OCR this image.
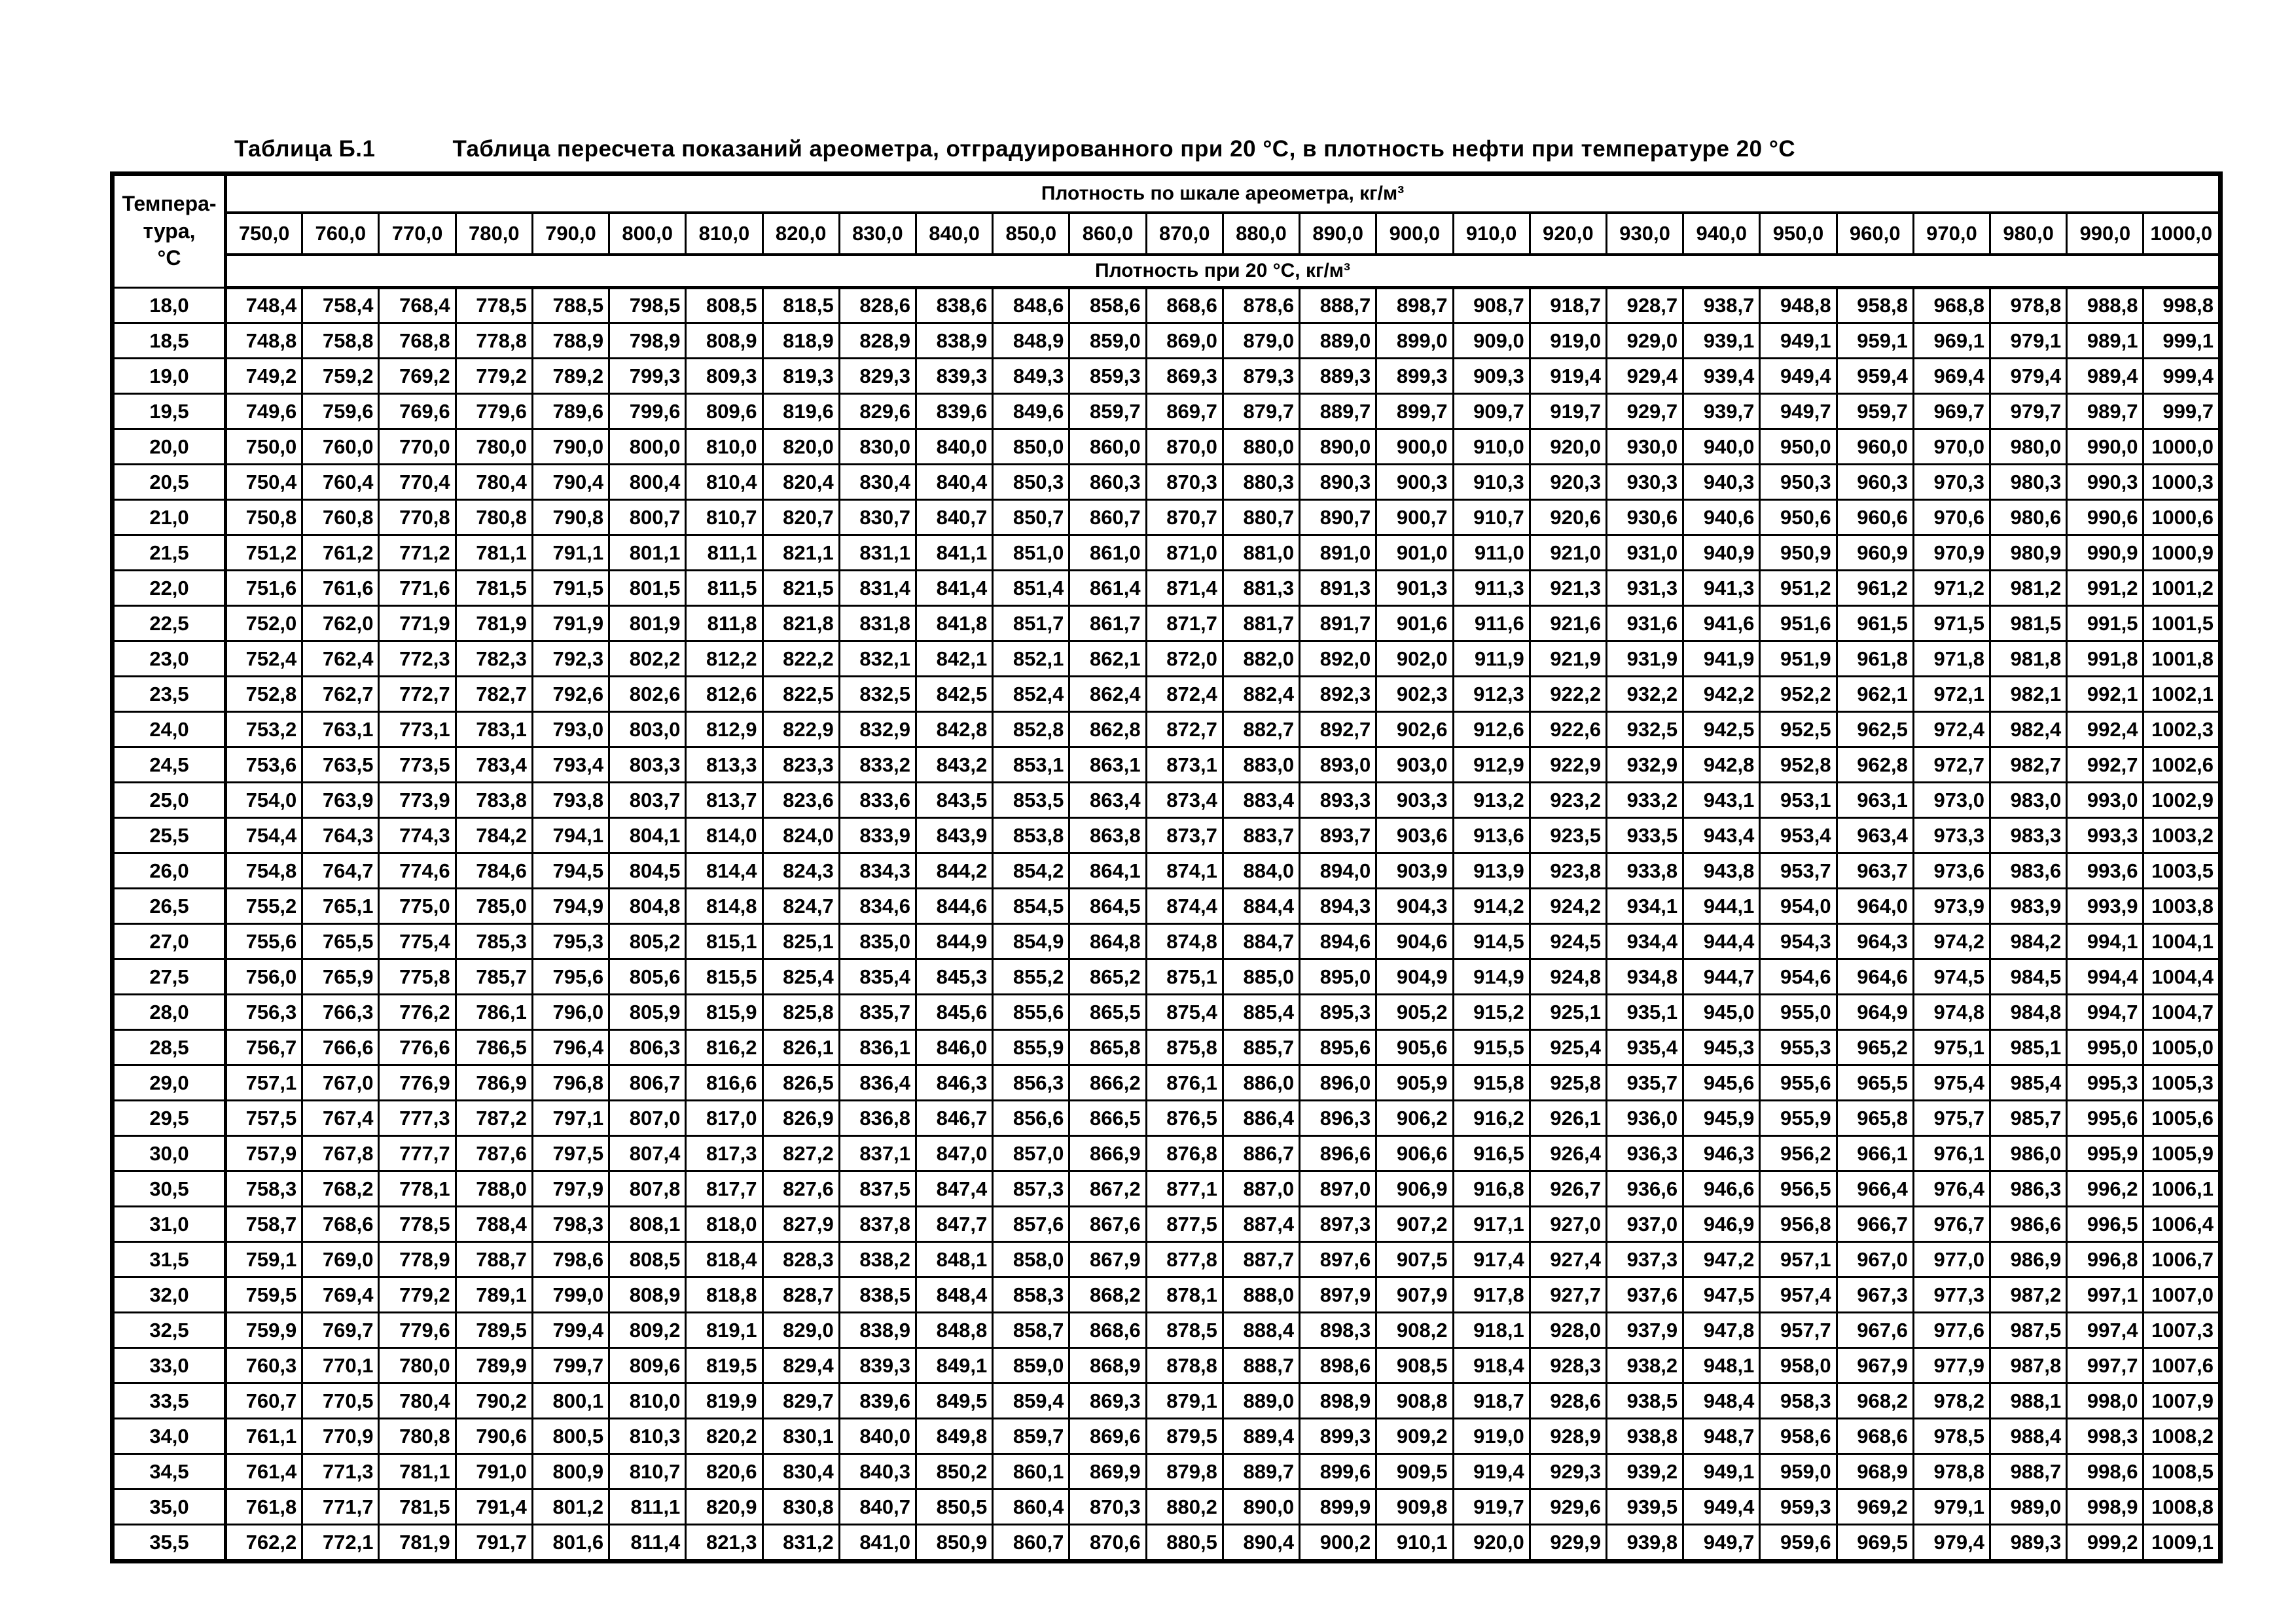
Таблица Б.1	Таблица пересчета показаний ареометра, отградуированного при 20 °С, в плотность нефти при температуре 20 °С
Темпера-
тура,
°С	Плотность по шкале ареометра, кг/м³																									
	750,0	760,0	770,0	780,0	790,0	800,0	810,0	820,0	830,0	840,0	850,0	860,0	870,0	880,0	890,0	900,0	910,0	920,0	930,0	940,0	950,0	960,0	970,0	980,0	990,0	1000,0
	Плотность при 20 °С, кг/м³																									
18,0	748,4	758,4	768,4	778,5	788,5	798,5	808,5	818,5	828,6	838,6	848,6	858,6	868,6	878,6	888,7	898,7	908,7	918,7	928,7	938,7	948,8	958,8	968,8	978,8	988,8	998,8
18,5	748,8	758,8	768,8	778,8	788,9	798,9	808,9	818,9	828,9	838,9	848,9	859,0	869,0	879,0	889,0	899,0	909,0	919,0	929,0	939,1	949,1	959,1	969,1	979,1	989,1	999,1
19,0	749,2	759,2	769,2	779,2	789,2	799,3	809,3	819,3	829,3	839,3	849,3	859,3	869,3	879,3	889,3	899,3	909,3	919,4	929,4	939,4	949,4	959,4	969,4	979,4	989,4	999,4
19,5	749,6	759,6	769,6	779,6	789,6	799,6	809,6	819,6	829,6	839,6	849,6	859,7	869,7	879,7	889,7	899,7	909,7	919,7	929,7	939,7	949,7	959,7	969,7	979,7	989,7	999,7
20,0	750,0	760,0	770,0	780,0	790,0	800,0	810,0	820,0	830,0	840,0	850,0	860,0	870,0	880,0	890,0	900,0	910,0	920,0	930,0	940,0	950,0	960,0	970,0	980,0	990,0	1000,0
20,5	750,4	760,4	770,4	780,4	790,4	800,4	810,4	820,4	830,4	840,4	850,3	860,3	870,3	880,3	890,3	900,3	910,3	920,3	930,3	940,3	950,3	960,3	970,3	980,3	990,3	1000,3
21,0	750,8	760,8	770,8	780,8	790,8	800,7	810,7	820,7	830,7	840,7	850,7	860,7	870,7	880,7	890,7	900,7	910,7	920,6	930,6	940,6	950,6	960,6	970,6	980,6	990,6	1000,6
21,5	751,2	761,2	771,2	781,1	791,1	801,1	811,1	821,1	831,1	841,1	851,0	861,0	871,0	881,0	891,0	901,0	911,0	921,0	931,0	940,9	950,9	960,9	970,9	980,9	990,9	1000,9
22,0	751,6	761,6	771,6	781,5	791,5	801,5	811,5	821,5	831,4	841,4	851,4	861,4	871,4	881,3	891,3	901,3	911,3	921,3	931,3	941,3	951,2	961,2	971,2	981,2	991,2	1001,2
22,5	752,0	762,0	771,9	781,9	791,9	801,9	811,8	821,8	831,8	841,8	851,7	861,7	871,7	881,7	891,7	901,6	911,6	921,6	931,6	941,6	951,6	961,5	971,5	981,5	991,5	1001,5
23,0	752,4	762,4	772,3	782,3	792,3	802,2	812,2	822,2	832,1	842,1	852,1	862,1	872,0	882,0	892,0	902,0	911,9	921,9	931,9	941,9	951,9	961,8	971,8	981,8	991,8	1001,8
23,5	752,8	762,7	772,7	782,7	792,6	802,6	812,6	822,5	832,5	842,5	852,4	862,4	872,4	882,4	892,3	902,3	912,3	922,2	932,2	942,2	952,2	962,1	972,1	982,1	992,1	1002,1
24,0	753,2	763,1	773,1	783,1	793,0	803,0	812,9	822,9	832,9	842,8	852,8	862,8	872,7	882,7	892,7	902,6	912,6	922,6	932,5	942,5	952,5	962,5	972,4	982,4	992,4	1002,3
24,5	753,6	763,5	773,5	783,4	793,4	803,3	813,3	823,3	833,2	843,2	853,1	863,1	873,1	883,0	893,0	903,0	912,9	922,9	932,9	942,8	952,8	962,8	972,7	982,7	992,7	1002,6
25,0	754,0	763,9	773,9	783,8	793,8	803,7	813,7	823,6	833,6	843,5	853,5	863,4	873,4	883,4	893,3	903,3	913,2	923,2	933,2	943,1	953,1	963,1	973,0	983,0	993,0	1002,9
25,5	754,4	764,3	774,3	784,2	794,1	804,1	814,0	824,0	833,9	843,9	853,8	863,8	873,7	883,7	893,7	903,6	913,6	923,5	933,5	943,4	953,4	963,4	973,3	983,3	993,3	1003,2
26,0	754,8	764,7	774,6	784,6	794,5	804,5	814,4	824,3	834,3	844,2	854,2	864,1	874,1	884,0	894,0	903,9	913,9	923,8	933,8	943,8	953,7	963,7	973,6	983,6	993,6	1003,5
26,5	755,2	765,1	775,0	785,0	794,9	804,8	814,8	824,7	834,6	844,6	854,5	864,5	874,4	884,4	894,3	904,3	914,2	924,2	934,1	944,1	954,0	964,0	973,9	983,9	993,9	1003,8
27,0	755,6	765,5	775,4	785,3	795,3	805,2	815,1	825,1	835,0	844,9	854,9	864,8	874,8	884,7	894,6	904,6	914,5	924,5	934,4	944,4	954,3	964,3	974,2	984,2	994,1	1004,1
27,5	756,0	765,9	775,8	785,7	795,6	805,6	815,5	825,4	835,4	845,3	855,2	865,2	875,1	885,0	895,0	904,9	914,9	924,8	934,8	944,7	954,6	964,6	974,5	984,5	994,4	1004,4
28,0	756,3	766,3	776,2	786,1	796,0	805,9	815,9	825,8	835,7	845,6	855,6	865,5	875,4	885,4	895,3	905,2	915,2	925,1	935,1	945,0	955,0	964,9	974,8	984,8	994,7	1004,7
28,5	756,7	766,6	776,6	786,5	796,4	806,3	816,2	826,1	836,1	846,0	855,9	865,8	875,8	885,7	895,6	905,6	915,5	925,4	935,4	945,3	955,3	965,2	975,1	985,1	995,0	1005,0
29,0	757,1	767,0	776,9	786,9	796,8	806,7	816,6	826,5	836,4	846,3	856,3	866,2	876,1	886,0	896,0	905,9	915,8	925,8	935,7	945,6	955,6	965,5	975,4	985,4	995,3	1005,3
29,5	757,5	767,4	777,3	787,2	797,1	807,0	817,0	826,9	836,8	846,7	856,6	866,5	876,5	886,4	896,3	906,2	916,2	926,1	936,0	945,9	955,9	965,8	975,7	985,7	995,6	1005,6
30,0	757,9	767,8	777,7	787,6	797,5	807,4	817,3	827,2	837,1	847,0	857,0	866,9	876,8	886,7	896,6	906,6	916,5	926,4	936,3	946,3	956,2	966,1	976,1	986,0	995,9	1005,9
30,5	758,3	768,2	778,1	788,0	797,9	807,8	817,7	827,6	837,5	847,4	857,3	867,2	877,1	887,0	897,0	906,9	916,8	926,7	936,6	946,6	956,5	966,4	976,4	986,3	996,2	1006,1
31,0	758,7	768,6	778,5	788,4	798,3	808,1	818,0	827,9	837,8	847,7	857,6	867,6	877,5	887,4	897,3	907,2	917,1	927,0	937,0	946,9	956,8	966,7	976,7	986,6	996,5	1006,4
31,5	759,1	769,0	778,9	788,7	798,6	808,5	818,4	828,3	838,2	848,1	858,0	867,9	877,8	887,7	897,6	907,5	917,4	927,4	937,3	947,2	957,1	967,0	977,0	986,9	996,8	1006,7
32,0	759,5	769,4	779,2	789,1	799,0	808,9	818,8	828,7	838,5	848,4	858,3	868,2	878,1	888,0	897,9	907,9	917,8	927,7	937,6	947,5	957,4	967,3	977,3	987,2	997,1	1007,0
32,5	759,9	769,7	779,6	789,5	799,4	809,2	819,1	829,0	838,9	848,8	858,7	868,6	878,5	888,4	898,3	908,2	918,1	928,0	937,9	947,8	957,7	967,6	977,6	987,5	997,4	1007,3
33,0	760,3	770,1	780,0	789,9	799,7	809,6	819,5	829,4	839,3	849,1	859,0	868,9	878,8	888,7	898,6	908,5	918,4	928,3	938,2	948,1	958,0	967,9	977,9	987,8	997,7	1007,6
33,5	760,7	770,5	780,4	790,2	800,1	810,0	819,9	829,7	839,6	849,5	859,4	869,3	879,1	889,0	898,9	908,8	918,7	928,6	938,5	948,4	958,3	968,2	978,2	988,1	998,0	1007,9
34,0	761,1	770,9	780,8	790,6	800,5	810,3	820,2	830,1	840,0	849,8	859,7	869,6	879,5	889,4	899,3	909,2	919,0	928,9	938,8	948,7	958,6	968,6	978,5	988,4	998,3	1008,2
34,5	761,4	771,3	781,1	791,0	800,9	810,7	820,6	830,4	840,3	850,2	860,1	869,9	879,8	889,7	899,6	909,5	919,4	929,3	939,2	949,1	959,0	968,9	978,8	988,7	998,6	1008,5
35,0	761,8	771,7	781,5	791,4	801,2	811,1	820,9	830,8	840,7	850,5	860,4	870,3	880,2	890,0	899,9	909,8	919,7	929,6	939,5	949,4	959,3	969,2	979,1	989,0	998,9	1008,8
35,5	762,2	772,1	781,9	791,7	801,6	811,4	821,3	831,2	841,0	850,9	860,7	870,6	880,5	890,4	900,2	910,1	920,0	929,9	939,8	949,7	959,6	969,5	979,4	989,3	999,2	1009,1
